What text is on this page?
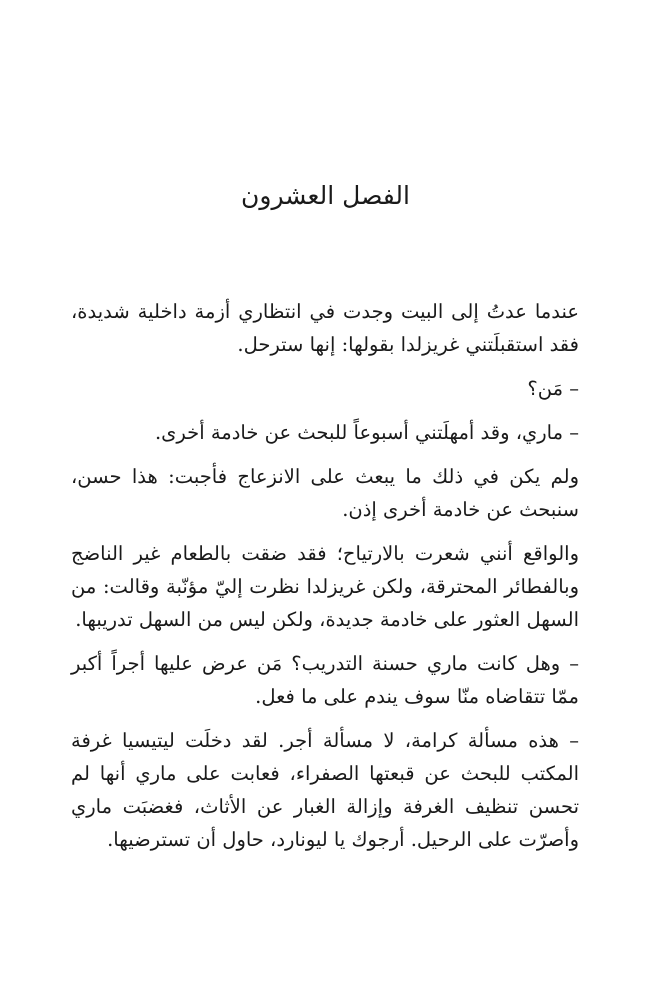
الفصل العشرون

عندما عدتُ إلى البيت وجدت في انتظاري أزمة داخلية شديدة، فقد استقبلَتني غريزلدا بقولها: إنها سترحل.

– مَن؟

– ماري، وقد أمهلَتني أسبوعاً للبحث عن خادمة أخرى.

ولم يكن في ذلك ما يبعث على الانزعاج فأجبت: هذا حسن، سنبحث عن خادمة أخرى إذن.

والواقع أنني شعرت بالارتياح؛ فقد ضقت بالطعام غير الناضج وبالفطائر المحترقة، ولكن غريزلدا نظرت إليّ مؤنّبة وقالت: من السهل العثور على خادمة جديدة، ولكن ليس من السهل تدريبها.

– وهل كانت ماري حسنة التدريب؟ مَن عرض عليها أجراً أكبر ممّا تتقاضاه منّا سوف يندم على ما فعل.

– هذه مسألة كرامة، لا مسألة أجر. لقد دخلَت ليتيسيا غرفة المكتب للبحث عن قبعتها الصفراء، فعابت على ماري أنها لم تحسن تنظيف الغرفة وإزالة الغبار عن الأثاث، فغضبَت ماري وأصرّت على الرحيل. أرجوك يا ليونارد، حاول أن تسترضيها.
